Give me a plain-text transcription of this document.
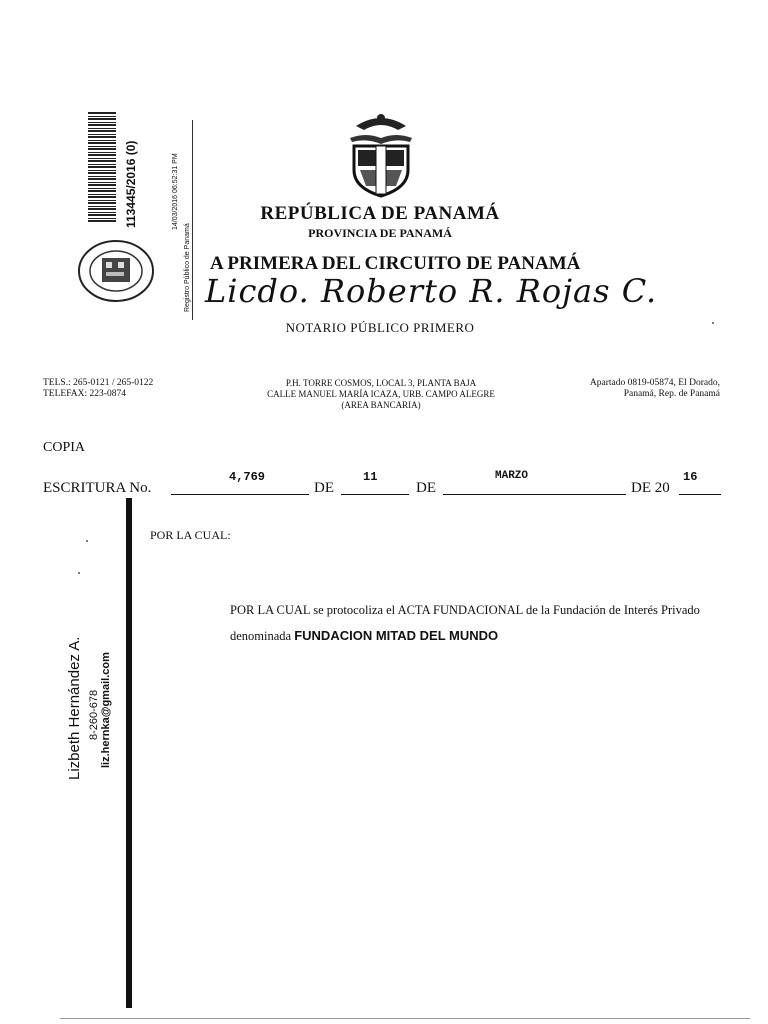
113445/2016 (0)	14/03/2016 06:52:31 PM
Registro Público de Panamá
REPÚBLICA DE PANAMÁ
PROVINCIA DE PANAMÁ
A PRIMERA DEL CIRCUITO DE PANAMÁ
Licdo. Roberto R. Rojas C.
NOTARIO PÚBLICO PRIMERO
TELS.: 265-0121 / 265-0122
TELEFAX: 223-0874
P.H. TORRE COSMOS, LOCAL 3, PLANTA BAJA
CALLE MANUEL MARÍA ICAZA, URB. CAMPO ALEGRE
(AREA BANCARIA)
Apartado 0819-05874, El Dorado,
Panamá, Rep. de Panamá
COPIA
ESCRITURA No.
4,769
DE
11
DE
MARZO
DE 20
16
POR LA CUAL:
POR LA CUAL se protocoliza el ACTA FUNDACIONAL de la Fundación de Interés Privado denominada FUNDACION MITAD DEL MUNDO
Lizbeth Hernández A. 8-260-678 liz.hernka@gmail.com
